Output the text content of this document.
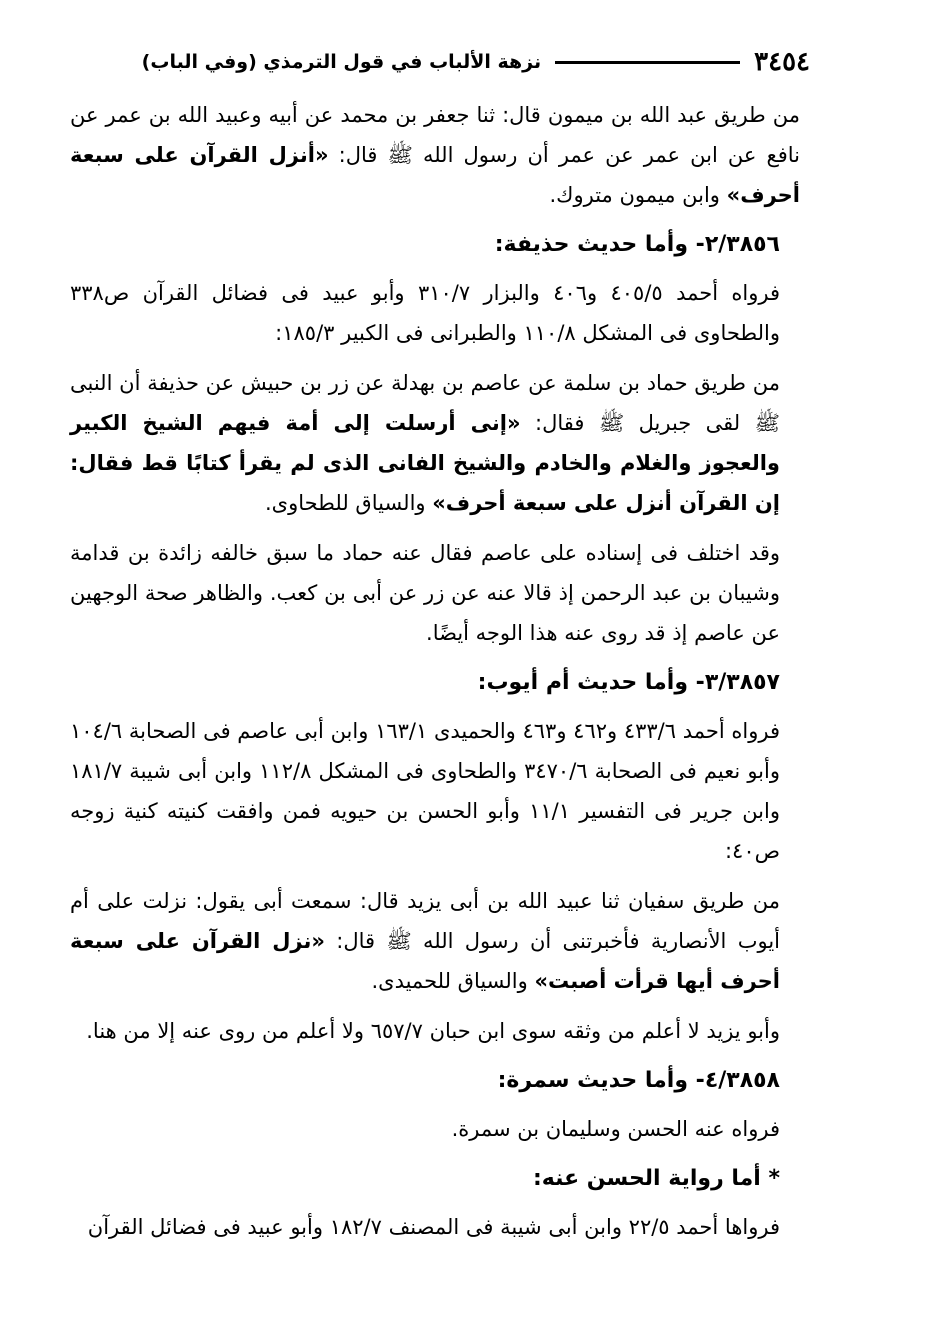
٣٤٥٤
نزهة الألباب في قول الترمذي (وفي الباب)

من طريق عبد الله بن ميمون قال: ثنا جعفر بن محمد عن أبيه وعبيد الله بن عمر عن نافع عن ابن عمر عن عمر أن رسول الله ﷺ قال: «أنزل القرآن على سبعة أحرف» وابن ميمون متروك.

٢/٣٨٥٦- وأما حديث حذيفة:

فرواه أحمد ٤٠٥/٥ و٤٠٦ والبزار ٣١٠/٧ وأبو عبيد فى فضائل القرآن ص٣٣٨ والطحاوى فى المشكل ١١٠/٨ والطبرانى فى الكبير ١٨٥/٣:

من طريق حماد بن سلمة عن عاصم بن بهدلة عن زر بن حبيش عن حذيفة أن النبى ﷺ لقى جبريل ﷺ فقال: «إنى أرسلت إلى أمة فيهم الشيخ الكبير والعجوز والغلام والخادم والشيخ الفانى الذى لم يقرأ كتابًا قط فقال: إن القرآن أنزل على سبعة أحرف» والسياق للطحاوى.

وقد اختلف فى إسناده على عاصم فقال عنه حماد ما سبق خالفه زائدة بن قدامة وشيبان بن عبد الرحمن إذ قالا عنه عن زر عن أبى بن كعب. والظاهر صحة الوجهين عن عاصم إذ قد روى عنه هذا الوجه أيضًا.

٣/٣٨٥٧- وأما حديث أم أيوب:

فرواه أحمد ٤٣٣/٦ و٤٦٢ و٤٦٣ والحميدى ١٦٣/١ وابن أبى عاصم فى الصحابة ١٠٤/٦ وأبو نعيم فى الصحابة ٣٤٧٠/٦ والطحاوى فى المشكل ١١٢/٨ وابن أبى شيبة ١٨١/٧ وابن جرير فى التفسير ١١/١ وأبو الحسن بن حيويه فمن وافقت كنيته كنية زوجه ص٤٠:

من طريق سفيان ثنا عبيد الله بن أبى يزيد قال: سمعت أبى يقول: نزلت على أم أيوب الأنصارية فأخبرتنى أن رسول الله ﷺ قال: «نزل القرآن على سبعة أحرف أيها قرأت أصبت» والسياق للحميدى.

وأبو يزيد لا أعلم من وثقه سوى ابن حبان ٦٥٧/٧ ولا أعلم من روى عنه إلا من هنا.

٤/٣٨٥٨- وأما حديث سمرة:

فرواه عنه الحسن وسليمان بن سمرة.

* أما رواية الحسن عنه:

فرواها أحمد ٢٢/٥ وابن أبى شيبة فى المصنف ١٨٢/٧ وأبو عبيد فى فضائل القرآن
